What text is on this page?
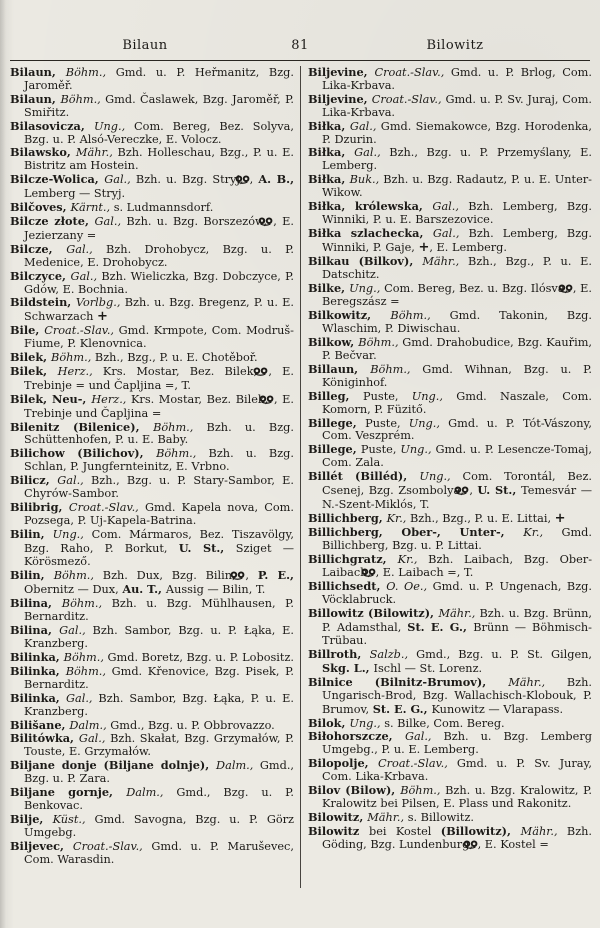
Bilaun	81	Bilowitz

Bilaun, Böhm., Gmd. u. P. Heřmanitz, Bzg. Jaroměř.

Bilaun, Böhm., Gmd. Časlawek, Bzg. Jaroměř, P. Smiřitz.

Bilasovicza, Ung., Com. Bereg, Bez. Solyva, Bzg. u. P. Alsó-Vereczke, E. Volocz.

Bilawsko, Mähr., Bzh. Holleschau, Bzg., P. u. E. Bistritz am Hostein.

Bilcze-Wolica, Gal., Bzh. u. Bzg. Stryj, , A. B., Lemberg — Stryj.

Bilčoves, Kärnt., s. Ludmannsdorf.

Bilcze złote, Gal., Bzh. u. Bzg. Borszezów, , E. Jezierzany =

Bilcze, Gal., Bzh. Drohobycz, Bzg. u. P. Medenice, E. Drohobycz.

Bilczyce, Gal., Bzh. Wieliczka, Bzg. Dobczyce, P. Gdów, E. Bochnia.

Bildstein, Vorlbg., Bzh. u. Bzg. Bregenz, P. u. E. Schwarzach +

Bile, Croat.-Slav., Gmd. Krmpote, Com. Modruš-Fiume, P. Klenovnica.

Bilek, Böhm., Bzh., Bzg., P. u. E. Chotěboř.

Bilek, Herz., Krs. Mostar, Bez. Bilek, , E. Trebinje = und Čapljina =, T.

Bilek, Neu-, Herz., Krs. Mostar, Bez. Bilek, , E. Trebinje und Čapljina =

Bilenitz (Bilenice), Böhm., Bzh. u. Bzg. Schüttenhofen, P. u. E. Baby.

Bilichow (Bilichov), Böhm., Bzh. u. Bzg. Schlan, P. Jungfernteinitz, E. Vrbno.

Bilicz, Gal., Bzh., Bzg. u. P. Stary-Sambor, E. Chyrów-Sambor.

Bilibrig, Croat.-Slav., Gmd. Kapela nova, Com. Pozsega, P. Uj-Kapela-Batrina.

Bilin, Ung., Com. Mármaros, Bez. Tiszavölgy, Bzg. Raho, P. Borkut, U. St., Sziget — Körösmező.

Bilin, Böhm., Bzh. Dux, Bzg. Bilin, , P. E., Obernitz — Dux, Au. T., Aussig — Bilin, T.

Bilina, Böhm., Bzh. u. Bzg. Mühlhausen, P. Bernarditz.

Bilina, Gal., Bzh. Sambor, Bzg. u. P. Łąka, E. Kranzberg.

Bilinka, Böhm., Gmd. Boretz, Bzg. u. P. Lobositz.

Bilinka, Böhm., Gmd. Křenovice, Bzg. Pisek, P. Bernarditz.

Bilinka, Gal., Bzh. Sambor, Bzg. Łąka, P. u. E. Kranzberg.

Bilišane, Dalm., Gmd., Bzg. u. P. Obbrovazzo.

Bilitówka, Gal., Bzh. Skałat, Bzg. Grzymałów, P. Touste, E. Grzymałów.

Biljane donje (Biljane dolnje), Dalm., Gmd., Bzg. u. P. Zara.

Biljane gornje, Dalm., Gmd., Bzg. u. P. Benkovac.

Bilje, Küst., Gmd. Savogna, Bzg. u. P. Görz Umgebg.

Biljevec, Croat.-Slav., Gmd. u. P. Maruševec, Com. Warasdin.

Biljevine, Croat.-Slav., Gmd. u. P. Brlog, Com. Lika-Krbava.

Biljevine, Croat.-Slav., Gmd. u. P. Sv. Juraj, Com. Lika-Krbava.

Biłka, Gal., Gmd. Siemakowce, Bzg. Horodenka, P. Dzurin.

Biłka, Gal., Bzh., Bzg. u. P. Przemyślany, E. Lemberg.

Biłka, Buk., Bzh. u. Bzg. Radautz, P. u. E. Unter-Wikow.

Biłka, królewska, Gal., Bzh. Lemberg, Bzg. Winniki, P. u. E. Barszezovice.

Biłka szlachecka, Gal., Bzh. Lemberg, Bzg. Winniki, P. Gaje, +, E. Lemberg.

Bilkau (Bilkov), Mähr., Bzh., Bzg., P. u. E. Datschitz.

Bilke, Ung., Com. Bereg, Bez. u. Bzg. Ilósva, , E. Beregszász =

Bilkowitz, Böhm., Gmd. Takonin, Bzg. Wlaschim, P. Diwischau.

Bilkow, Böhm., Gmd. Drahobudice, Bzg. Kauřim, P. Bečvar.

Billaun, Böhm., Gmd. Wihnan, Bzg. u. P. Königinhof.

Billeg, Puste, Ung., Gmd. Naszale, Com. Komorn, P. Füzitő.

Billege, Puste, Ung., Gmd. u. P. Tót-Vászony, Com. Veszprém.

Billege, Puste, Ung., Gmd. u. P. Lesencze-Tomaj, Com. Zala.

Billét (Billéd), Ung., Com. Torontál, Bez. Csenej, Bzg. Zsombolya, , U. St., Temesvár — N.-Szent-Miklós, T.

Billichberg, Kr., Bzh., Bzg., P. u. E. Littai, +

Billichberg, Ober-, Unter-, Kr., Gmd. Billichberg, Bzg. u. P. Littai.

Billichgratz, Kr., Bzh. Laibach, Bzg. Ober-Laibach, , E. Laibach =, T.

Billichsedt, O. Oe., Gmd. u. P. Ungenach, Bzg. Vöcklabruck.

Billowitz (Bilowitz), Mähr., Bzh. u. Bzg. Brünn, P. Adamsthal, St. E. G., Brünn — Böhmisch-Trübau.

Billroth, Salzb., Gmd., Bzg. u. P. St. Gilgen, Skg. L., Ischl — St. Lorenz.

Bilnice (Bilnitz-Brumov), Mähr., Bzh. Ungarisch-Brod, Bzg. Wallachisch-Klobouk, P. Brumov, St. E. G., Kunowitz — Vlarapass.

Bilok, Ung., s. Bilke, Com. Bereg.

Biłohorszcze, Gal., Bzh. u. Bzg. Lemberg Umgebg., P. u. E. Lemberg.

Bilopolje, Croat.-Slav., Gmd. u. P. Sv. Juray, Com. Lika-Krbava.

Bilov (Bilow), Böhm., Bzh. u. Bzg. Kralowitz, P. Kralowitz bei Pilsen, E. Plass und Rakonitz.

Bilowitz, Mähr., s. Billowitz.

Bilowitz bei Kostel (Billowitz), Mähr., Bzh. Göding, Bzg. Lundenburg, , E. Kostel =
